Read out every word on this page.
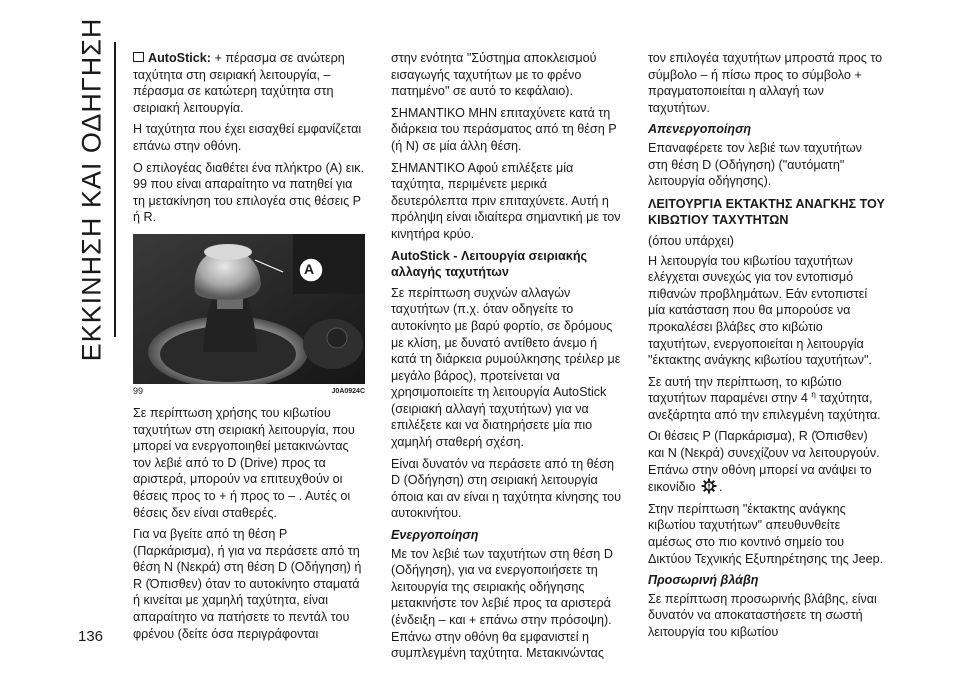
ΕΚΚΙΝΗΣΗ ΚΑΙ ΟΔΗΓΗΣΗ
136

AutoStick: + πέρασμα σε ανώτερη ταχύτητα στη σειριακή λειτουργία, – πέρασμα σε κατώτερη ταχύτητα στη σειριακή λειτουργία.

Η ταχύτητα που έχει εισαχθεί εμφανίζεται επάνω στην οθόνη.

Ο επιλογέας διαθέτει ένα πλήκτρο (A) εικ. 99 που είναι απαραίτητο να πατηθεί για τη μετακίνηση του επιλογέα στις θέσεις P ή R.

A
99	J0A0924C

Σε περίπτωση χρήσης του κιβωτίου ταχυτήτων στη σειριακή λειτουργία, που μπορεί να ενεργοποιηθεί μετακινώντας τον λεβιέ από το D (Drive) προς τα αριστερά, μπορούν να επιτευχθούν οι θέσεις προς το + ή προς το – . Αυτές οι θέσεις δεν είναι σταθερές.

Για να βγείτε από τη θέση P (Παρκάρισμα), ή για να περάσετε από τη θέση N (Νεκρά) στη θέση D (Οδήγηση) ή R (Όπισθεν) όταν το αυτοκίνητο σταματά ή κινείται με χαμηλή ταχύτητα, είναι απαραίτητο να πατήσετε το πεντάλ του φρένου (δείτε όσα περιγράφονται

στην ενότητα "Σύστημα αποκλεισμού εισαγωγής ταχυτήτων με το φρένο πατημένο" σε αυτό το κεφάλαιο).

ΣΗΜΑΝΤΙΚΟ ΜΗΝ επιταχύνετε κατά τη διάρκεια του περάσματος από τη θέση P (ή N) σε μία άλλη θέση.

ΣΗΜΑΝΤΙΚΟ Αφού επιλέξετε μία ταχύτητα, περιμένετε μερικά δευτερόλεπτα πριν επιταχύνετε. Αυτή η πρόληψη είναι ιδιαίτερα σημαντική με τον κινητήρα κρύο.

AutoStick - Λειτουργία σειριακής αλλαγής ταχυτήτων

Σε περίπτωση συχνών αλλαγών ταχυτήτων (π.χ. όταν οδηγείτε το αυτοκίνητο με βαρύ φορτίο, σε δρόμους με κλίση, με δυνατό αντίθετο άνεμο ή κατά τη διάρκεια ρυμούλκησης τρέιλερ με μεγάλο βάρος), προτείνεται να χρησιμοποιείτε τη λειτουργία AutoStick (σειριακή αλλαγή ταχυτήτων) για να επιλέξετε και να διατηρήσετε μία πιο χαμηλή σταθερή σχέση.

Είναι δυνατόν να περάσετε από τη θέση D (Οδήγηση) στη σειριακή λειτουργία όποια και αν είναι η ταχύτητα κίνησης του αυτοκινήτου.

Ενεργοποίηση

Με τον λεβιέ των ταχυτήτων στη θέση D (Οδήγηση), για να ενεργοποιήσετε τη λειτουργία της σειριακής οδήγησης μετακινήστε τον λεβιέ προς τα αριστερά (ένδειξη – και + επάνω στην πρόσοψη). Επάνω στην οθόνη θα εμφανιστεί η συμπλεγμένη ταχύτητα. Μετακινώντας

τον επιλογέα ταχυτήτων μπροστά προς το σύμβολο – ή πίσω προς το σύμβολο + πραγματοποιείται η αλλαγή των ταχυτήτων.

Απενεργοποίηση

Επαναφέρετε τον λεβιέ των ταχυτήτων στη θέση D (Οδήγηση) ("αυτόματη" λειτουργία οδήγησης).

ΛΕΙΤΟΥΡΓΙΑ ΕΚΤΑΚΤΗΣ ΑΝΑΓΚΗΣ ΤΟΥ ΚΙΒΩΤΙΟΥ ΤΑΧΥΤΗΤΩΝ

(όπου υπάρχει)

Η λειτουργία του κιβωτίου ταχυτήτων ελέγχεται συνεχώς για τον εντοπισμό πιθανών προβλημάτων. Εάν εντοπιστεί μία κατάσταση που θα μπορούσε να προκαλέσει βλάβες στο κιβώτιο ταχυτήτων, ενεργοποιείται η λειτουργία "έκτακτης ανάγκης κιβωτίου ταχυτήτων".

Σε αυτή την περίπτωση, το κιβώτιο ταχυτήτων παραμένει στην 4 $^\eta$ ταχύτητα, ανεξάρτητα από την επιλεγμένη ταχύτητα.

Οι θέσεις P (Παρκάρισμα), R (Όπισθεν) και N (Νεκρά) συνεχίζουν να λειτουργούν. Επάνω στην οθόνη μπορεί να ανάψει το εικονίδιο .

Στην περίπτωση "έκτακτης ανάγκης κιβωτίου ταχυτήτων" απευθυνθείτε αμέσως στο πιο κοντινό σημείο του Δικτύου Τεχνικής Εξυπηρέτησης της Jeep.

Προσωρινή βλάβη

Σε περίπτωση προσωρινής βλάβης, είναι δυνατόν να αποκαταστήσετε τη σωστή λειτουργία του κιβωτίου
